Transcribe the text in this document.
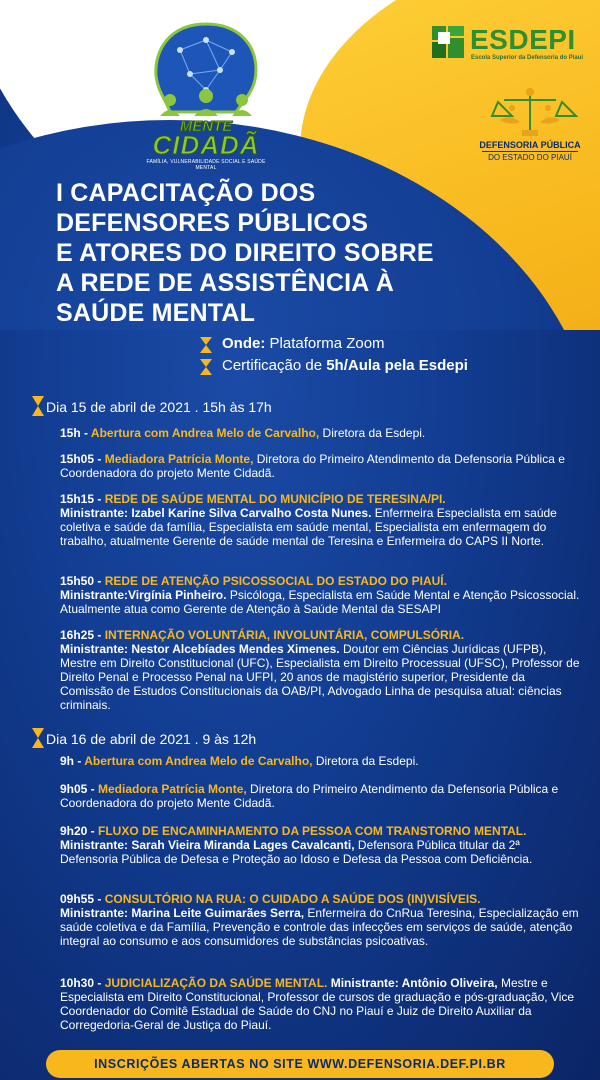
MENTE
CIDADÃ
FAMÍLIA, VULNERABILIDADE SOCIAL E SAÚDE MENTAL
ESDEPI
Escola Superior da Defensoria do Piauí
DEFENSORIA PÚBLICA
DO ESTADO DO PIAUÍ
I CAPACITAÇÃO DOS
DEFENSORES PÚBLICOS
E ATORES DO DIREITO SOBRE
A REDE DE ASSISTÊNCIA À
SAÚDE MENTAL
Onde: Plataforma Zoom
Certificação de 5h/Aula pela Esdepi
Dia 15 de abril de 2021 . 15h às 17h
15h - Abertura com Andrea Melo de Carvalho, Diretora da Esdepi.
15h05 - Mediadora Patrícia Monte, Diretora do Primeiro Atendimento da Defensoria Pública e Coordenadora do projeto Mente Cidadã.
15h15 - REDE DE SAÚDE MENTAL DO MUNICÍPIO DE TERESINA/PI.
Ministrante: Izabel Karine Silva Carvalho Costa Nunes. Enfermeira Especialista em saúde coletiva e saúde da família, Especialista em saúde mental, Especialista em enfermagem do trabalho, atualmente Gerente de saúde mental de Teresina e Enfermeira do CAPS II Norte.
15h50 - REDE DE ATENÇÃO PSICOSSOCIAL DO ESTADO DO PIAUÍ.
Ministrante:Virgínia Pinheiro. Psicóloga, Especialista em Saúde Mental e Atenção Psicossocial. Atualmente atua como Gerente de Atenção à Saúde Mental da SESAPI
16h25 - INTERNAÇÃO VOLUNTÁRIA, INVOLUNTÁRIA, COMPULSÓRIA.
Ministrante: Nestor Alcebíades Mendes Ximenes. Doutor em Ciências Jurídicas (UFPB), Mestre em Direito Constitucional (UFC), Especialista em Direito Processual (UFSC), Professor de Direito Penal e Processo Penal na UFPI, 20 anos de magistério superior, Presidente da Comissão de Estudos Constitucionais da OAB/PI, Advogado Linha de pesquisa atual: ciências criminais.
Dia 16 de abril de 2021 . 9 às 12h
9h - Abertura com Andrea Melo de Carvalho, Diretora da Esdepi.
9h05 - Mediadora Patrícia Monte, Diretora do Primeiro Atendimento da Defensoria Pública e Coordenadora do projeto Mente Cidadã.
9h20 - FLUXO DE ENCAMINHAMENTO DA PESSOA COM TRANSTORNO MENTAL. Ministrante: Sarah Vieira Miranda Lages Cavalcanti, Defensora Pública titular da 2ª Defensoria Pública de Defesa e Proteção ao Idoso e Defesa da Pessoa com Deficiência.
09h55 - CONSULTÓRIO NA RUA: O CUIDADO A SAÚDE DOS (IN)VISÍVEIS.
Ministrante: Marina Leite Guimarães Serra, Enfermeira do CnRua Teresina, Especialização em saúde coletiva e da Família, Prevenção e controle das infecções em serviços de saúde, atenção integral ao consumo e aos consumidores de substâncias psicoativas.
10h30 - JUDICIALIZAÇÃO DA SAÚDE MENTAL. Ministrante: Antônio Oliveira, Mestre e Especialista em Direito Constitucional, Professor de cursos de graduação e pós-graduação, Vice Coordenador do Comitê Estadual de Saúde do CNJ no Piauí e Juiz de Direito Auxiliar da Corregedoria-Geral de Justiça do Piauí.
INSCRIÇÕES ABERTAS NO SITE WWW.DEFENSORIA.DEF.PI.BR
